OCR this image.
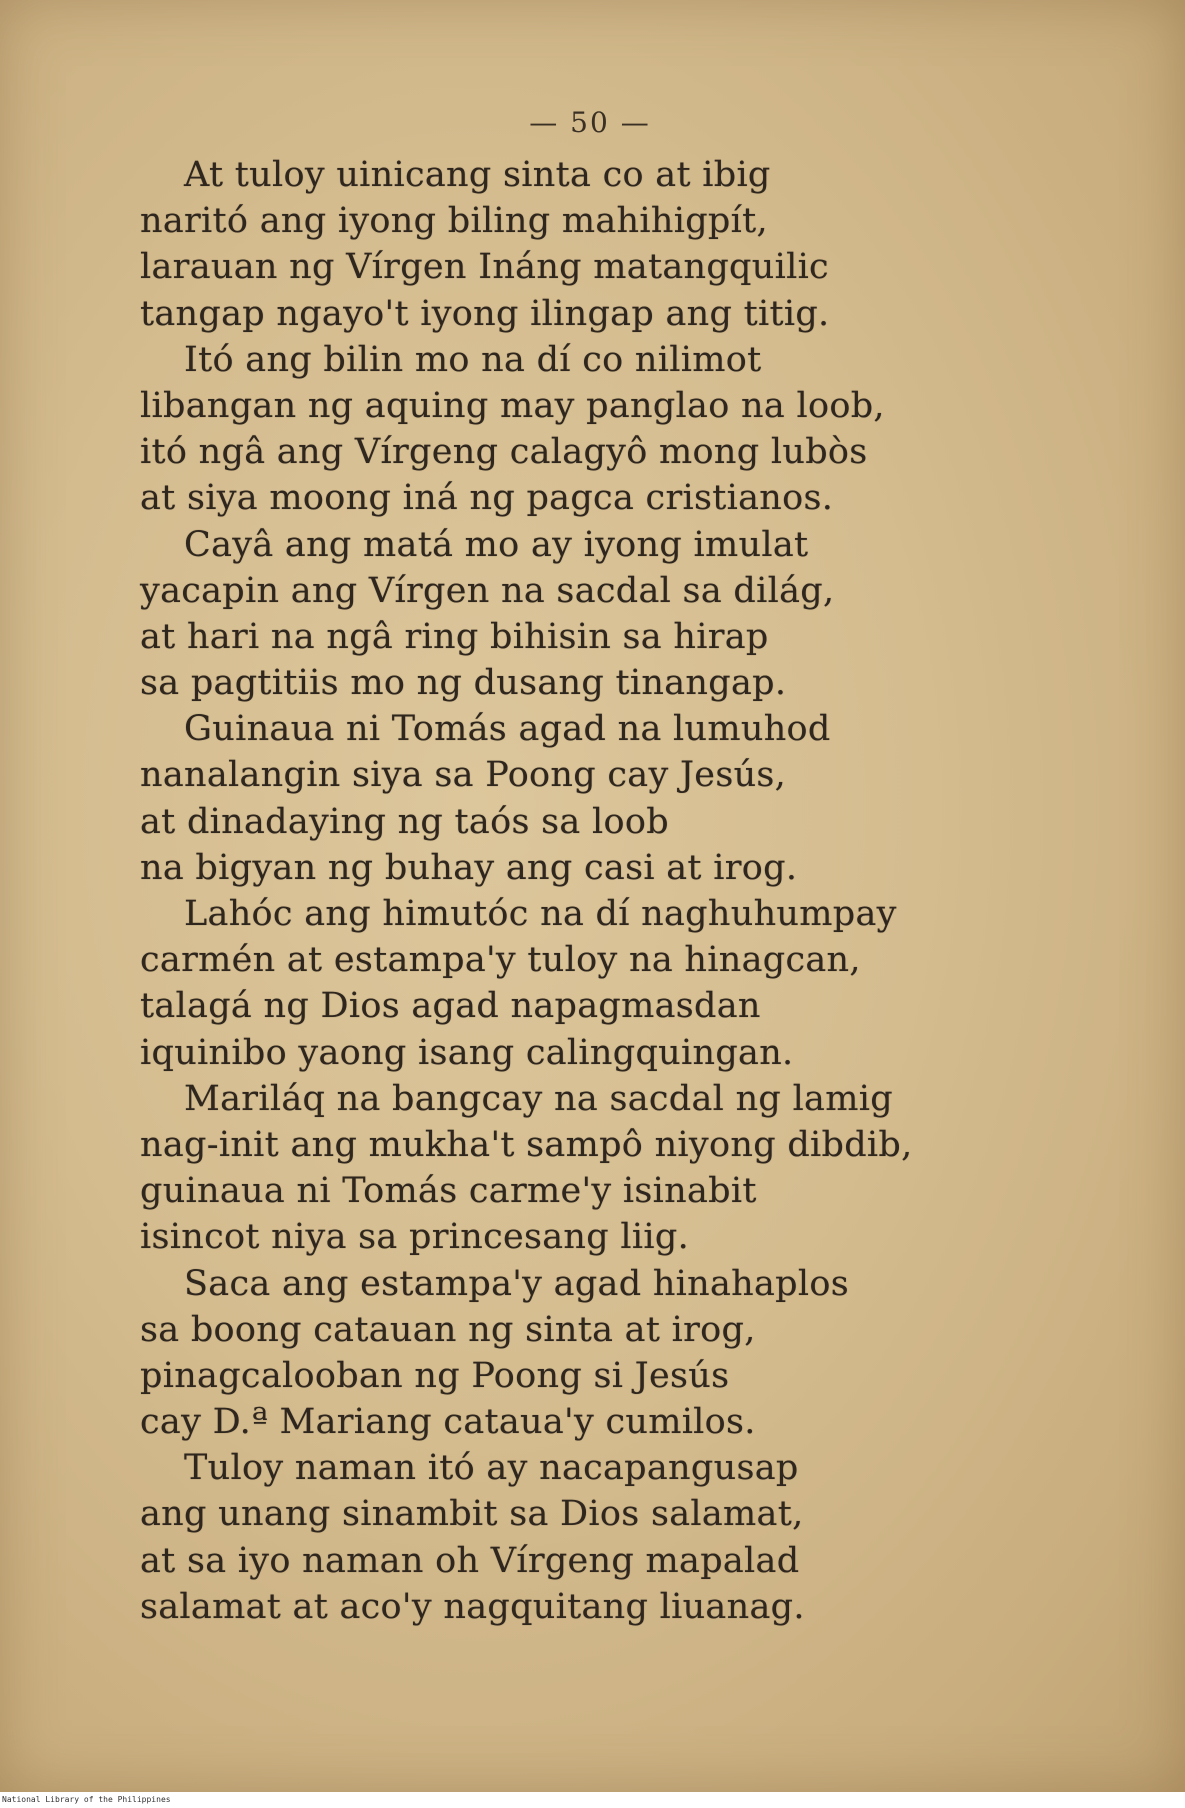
— 50 —
At tuloy uinicang sinta co at ibig
naritó ang iyong biling mahihigpít,
larauan ng Vírgen Ináng matangquilic
tangap ngayo't iyong ilingap ang titig.
Itó ang bilin mo na dí co nilimot
libangan ng aquing may panglao na loob,
itó ngâ ang Vírgeng calagyô mong lubòs
at siya moong iná ng pagca cristianos.
Cayâ ang matá mo ay iyong imulat
yacapin ang Vírgen na sacdal sa dilág,
at hari na ngâ ring bihisin sa hirap
sa pagtitiis mo ng dusang tinangap.
Guinaua ni Tomás agad na lumuhod
nanalangin siya sa Poong cay Jesús,
at dinadaying ng taós sa loob
na bigyan ng buhay ang casi at irog.
Lahóc ang himutóc na dí naghuhumpay
carmén at estampa'y tuloy na hinagcan,
talagá ng Dios agad napagmasdan
iquinibo yaong isang calingquingan.
Mariláq na bangcay na sacdal ng lamig
nag-init ang mukha't sampô niyong dibdib,
guinaua ni Tomás carme'y isinabit
isincot niya sa princesang liig.
Saca ang estampa'y agad hinahaplos
sa boong catauan ng sinta at irog,
pinagcalooban ng Poong si Jesús
cay D.ª Mariang cataua'y cumilos.
Tuloy naman itó ay nacapangusap
ang unang sinambit sa Dios salamat,
at sa iyo naman oh Vírgeng mapalad
salamat at aco'y nagquitang liuanag.
National Library of the Philippines
